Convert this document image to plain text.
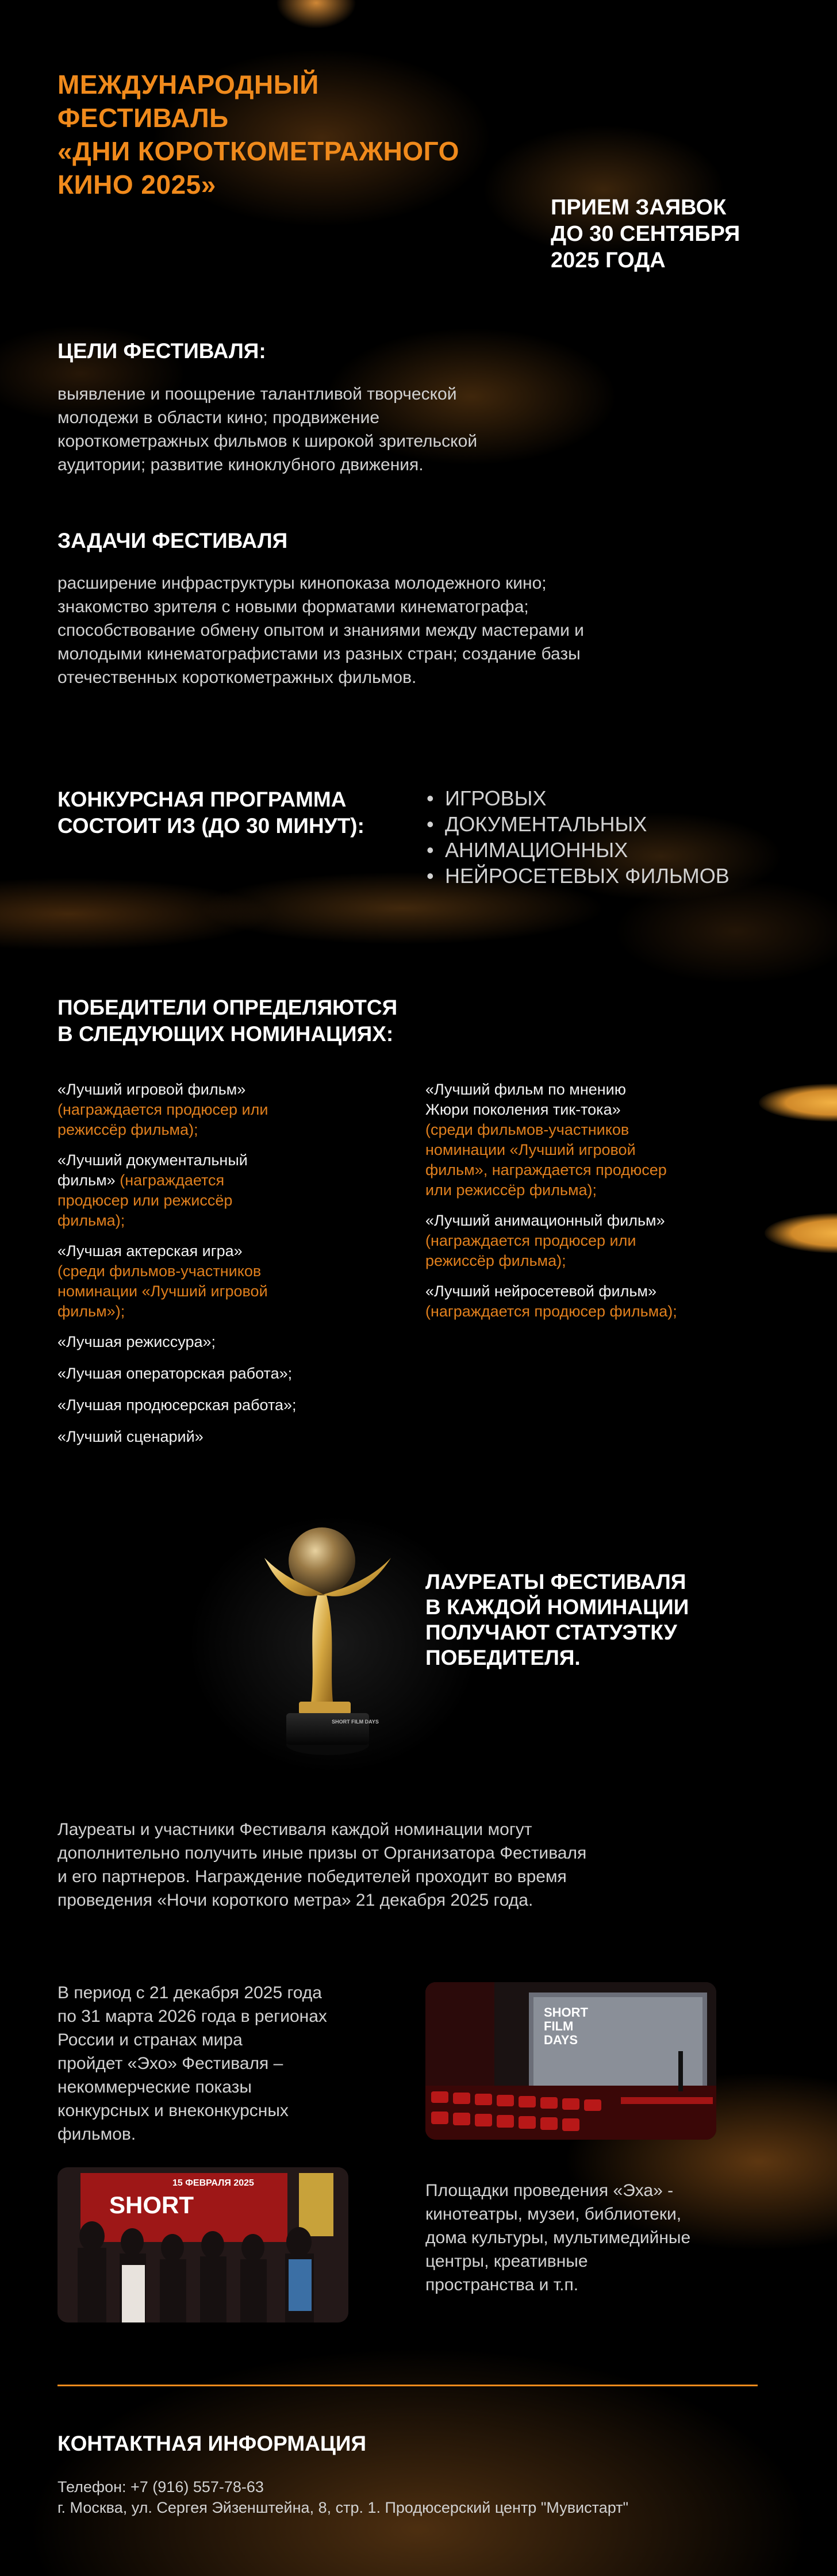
МЕЖДУНАРОДНЫЙ
ФЕСТИВАЛЬ
«ДНИ КОРОТКОМЕТРАЖНОГО
КИНО 2025»
ПРИЕМ ЗАЯВОК
ДО 30 СЕНТЯБРЯ
2025 ГОДА
ЦЕЛИ ФЕСТИВАЛЯ:
выявление и поощрение талантливой творческой
молодежи в области кино; продвижение
короткометражных фильмов к широкой зрительской
аудитории; развитие киноклубного движения.
ЗАДАЧИ ФЕСТИВАЛЯ
расширение инфраструктуры кинопоказа молодежного кино;
знакомство зрителя с новыми форматами кинематографа;
способствование обмену опытом и знаниями между мастерами и
молодыми кинематографистами из разных стран; создание базы
отечественных короткометражных фильмов.
КОНКУРСНАЯ ПРОГРАММА
СОСТОИТ ИЗ (ДО 30 МИНУТ):
• ИГРОВЫХ
• ДОКУМЕНТАЛЬНЫХ
• АНИМАЦИОННЫХ
• НЕЙРОСЕТЕВЫХ ФИЛЬМОВ
ПОБЕДИТЕЛИ ОПРЕДЕЛЯЮТСЯ
В СЛЕДУЮЩИХ НОМИНАЦИЯХ:
«Лучший игровой фильм»
(награждается продюсер или
режиссёр фильма);
«Лучший документальный
фильм» (награждается
продюсер или режиссёр
фильма);
«Лучшая актерская игра»
(среди фильмов-участников
номинации «Лучший игровой
фильм»);
«Лучшая режиссура»;
«Лучшая операторская работа»;
«Лучшая продюсерская работа»;
«Лучший сценарий»
«Лучший фильм по мнению
Жюри поколения тик-тока»
(среди фильмов-участников
номинации «Лучший игровой
фильм», награждается продюсер
или режиссёр фильма);
«Лучший анимационный фильм»
(награждается продюсер или
режиссёр фильма);
«Лучший нейросетевой фильм»
(награждается продюсер фильма);
SHORT FILM DAYS
ЛАУРЕАТЫ ФЕСТИВАЛЯ
В КАЖДОЙ НОМИНАЦИИ
ПОЛУЧАЮТ СТАТУЭТКУ
ПОБЕДИТЕЛЯ.
Лауреаты и участники Фестиваля каждой номинации могут
дополнительно получить иные призы от Организатора Фестиваля
и его партнеров. Награждение победителей проходит во время
проведения «Ночи короткого метра» 21 декабря 2025 года.
В период с 21 декабря 2025 года
по 31 марта 2026 года в регионах
России и странах мира
пройдет «Эхо» Фестиваля –
некоммерческие показы
конкурсных и внеконкурсных
фильмов.
SHORT
FILM
DAYS
15 ФЕВРАЛЯ 2025
SHORT
Площадки проведения «Эха» -
кинотеатры, музеи, библиотеки,
дома культуры, мультимедийные
центры, креативные
пространства и т.п.
КОНТАКТНАЯ ИНФОРМАЦИЯ
Телефон: +7 (916) 557-78-63
г. Москва, ул. Сергея Эйзенштейна, 8, стр. 1. Продюсерский центр "Мувистарт"
